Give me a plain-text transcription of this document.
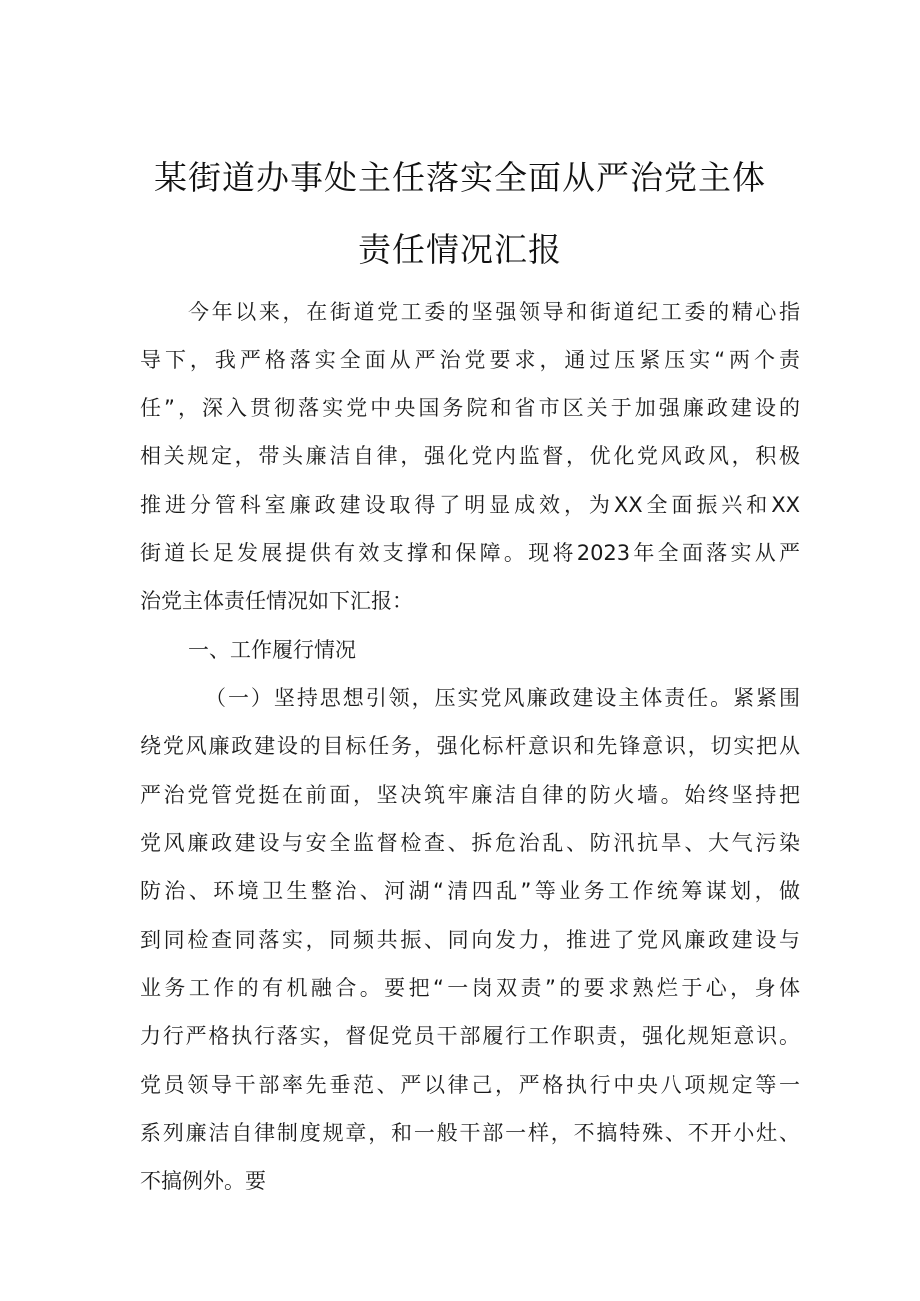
某街道办事处主任落实全面从严治党主体
责任情况汇报
今年以来，在街道党工委的坚强领导和街道纪工委的精心指
导下，我严格落实全面从严治党要求，通过压紧压实“两个责
任”，深入贯彻落实党中央国务院和省市区关于加强廉政建设的
相关规定，带头廉洁自律，强化党内监督，优化党风政风，积极
推进分管科室廉政建设取得了明显成效，为XX全面振兴和XX
街道长足发展提供有效支撑和保障。现将2023年全面落实从严
治党主体责任情况如下汇报：
一、工作履行情况
（一）坚持思想引领，压实党风廉政建设主体责任。紧紧围
绕党风廉政建设的目标任务，强化标杆意识和先锋意识，切实把从
严治党管党挺在前面，坚决筑牢廉洁自律的防火墙。始终坚持把
党风廉政建设与安全监督检查、拆危治乱、防汛抗旱、大气污染
防治、环境卫生整治、河湖“清四乱”等业务工作统筹谋划，做
到同检查同落实，同频共振、同向发力，推进了党风廉政建设与
业务工作的有机融合。要把“一岗双责”的要求熟烂于心，身体
力行严格执行落实，督促党员干部履行工作职责，强化规矩意识。
党员领导干部率先垂范、严以律己，严格执行中央八项规定等一
系列廉洁自律制度规章，和一般干部一样，不搞特殊、不开小灶、
不搞例外。要
